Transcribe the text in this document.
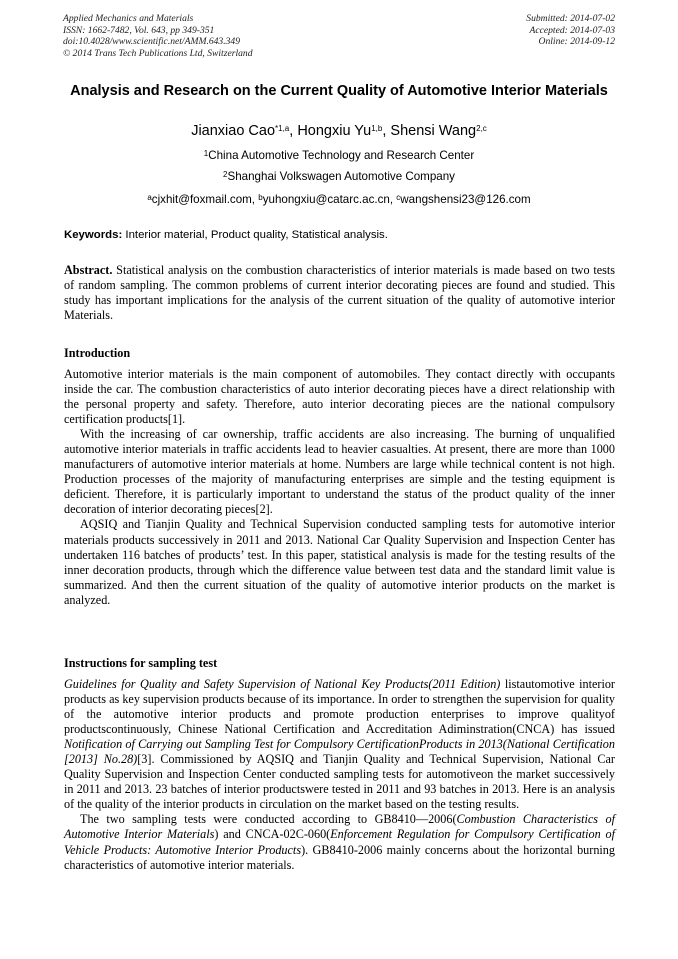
Applied Mechanics and Materials
ISSN: 1662-7482, Vol. 643, pp 349-351
doi:10.4028/www.scientific.net/AMM.643.349
© 2014 Trans Tech Publications Ltd, Switzerland
Submitted: 2014-07-02
Accepted: 2014-07-03
Online: 2014-09-12
Analysis and Research on the Current Quality of Automotive Interior Materials
Jianxiao Cao$^{*1,a}$, Hongxiu Yu$^{1,b}$, Shensi Wang$^{2,c}$
$^1$China Automotive Technology and Research Center
$^2$Shanghai Volkswagen Automotive Company
$^a$cjxhit@foxmail.com, $^b$yuhongxiu@catarc.ac.cn, $^c$wangshensi23@126.com
Keywords: Interior material, Product quality, Statistical analysis.

Abstract. Statistical analysis on the combustion characteristics of interior materials is made based on two tests of random sampling. The common problems of current interior decorating pieces are found and studied. This study has important implications for the analysis of the current situation of the quality of automotive interior Materials.

Introduction

Automotive interior materials is the main component of automobiles. They contact directly with occupants inside the car. The combustion characteristics of auto interior decorating pieces have a direct relationship with the personal property and safety. Therefore, auto interior decorating pieces are the national compulsory certification products[1].

With the increasing of car ownership, traffic accidents are also increasing. The burning of unqualified automotive interior materials in traffic accidents lead to heavier casualties. At present, there are more than 1000 manufacturers of automotive interior materials at home. Numbers are large while technical content is not high. Production processes of the majority of manufacturing enterprises are simple and the testing equipment is deficient. Therefore, it is particularly important to understand the status of the product quality of the inner decoration of interior decorating pieces[2].

AQSIQ and Tianjin Quality and Technical Supervision conducted sampling tests for automotive interior materials products successively in 2011 and 2013. National Car Quality Supervision and Inspection Center has undertaken 116 batches of products’ test. In this paper, statistical analysis is made for the testing results of the inner decoration products, through which the difference value between test data and the standard limit value is summarized. And then the current situation of the quality of automotive interior products on the market is analyzed.

Instructions for sampling test

Guidelines for Quality and Safety Supervision of National Key Products(2011 Edition) listautomotive interior products as key supervision products because of its importance. In order to strengthen the supervision for quality of the automotive interior products and promote production enterprises to improve qualityof productscontinuously, Chinese National Certification and Accreditation Adiminstration(CNCA) has issued Notification of Carrying out Sampling Test for Compulsory CertificationProducts in 2013(National Certification [2013] No.28)[3]. Commissioned by AQSIQ and Tianjin Quality and Technical Supervision, National Car Quality Supervision and Inspection Center conducted sampling tests for automotiveon the market successively in 2011 and 2013. 23 batches of interior productswere tested in 2011 and 93 batches in 2013. Here is an analysis of the quality of the interior products in circulation on the market based on the testing results.

The two sampling tests were conducted according to GB8410—2006(Combustion Characteristics of Automotive Interior Materials) and CNCA-02C-060(Enforcement Regulation for Compulsory Certification of Vehicle Products: Automotive Interior Products). GB8410-2006 mainly concerns about the horizontal burning characteristics of automotive interior materials.
